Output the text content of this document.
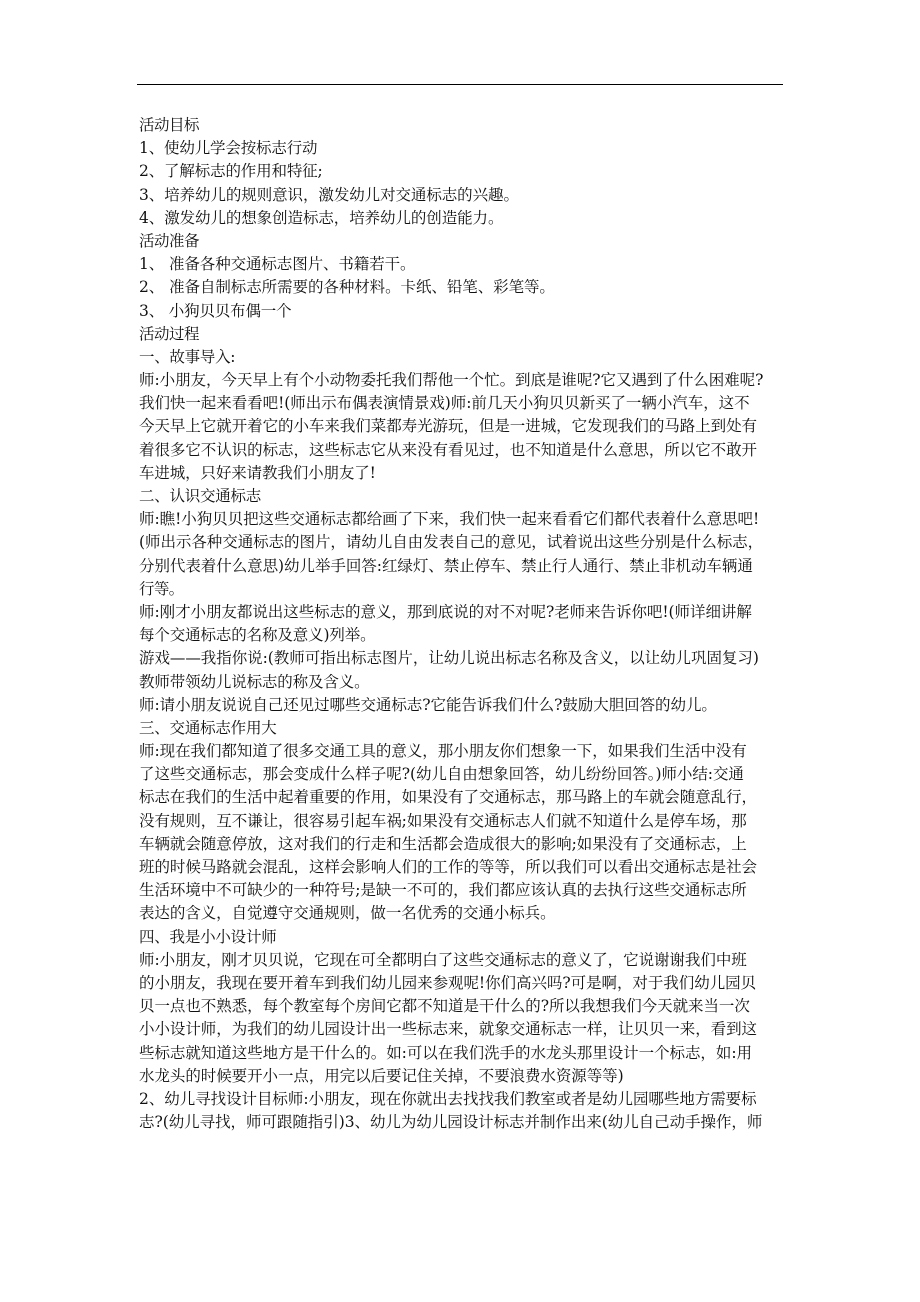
活动目标
1、使幼儿学会按标志行动
2、了解标志的作用和特征;
3、培养幼儿的规则意识，激发幼儿对交通标志的兴趣。
4、激发幼儿的想象创造标志，培养幼儿的创造能力。
活动准备
1、 准备各种交通标志图片、书籍若干。
2、 准备自制标志所需要的各种材料。卡纸、铅笔、彩笔等。
3、 小狗贝贝布偶一个
活动过程
一、故事导入:
师:小朋友，今天早上有个小动物委托我们帮他一个忙。到底是谁呢?它又遇到了什么困难呢?
我们快一起来看看吧!(师出示布偶表演情景戏)师:前几天小狗贝贝新买了一辆小汽车，这不
今天早上它就开着它的小车来我们菜都寿光游玩，但是一进城，它发现我们的马路上到处有
着很多它不认识的标志，这些标志它从来没有看见过，也不知道是什么意思，所以它不敢开
车进城，只好来请教我们小朋友了!
二、认识交通标志
师:瞧!小狗贝贝把这些交通标志都给画了下来，我们快一起来看看它们都代表着什么意思吧!
(师出示各种交通标志的图片，请幼儿自由发表自己的意见，试着说出这些分别是什么标志，
分别代表着什么意思)幼儿举手回答:红绿灯、禁止停车、禁止行人通行、禁止非机动车辆通
行等。
师:刚才小朋友都说出这些标志的意义，那到底说的对不对呢?老师来告诉你吧!(师详细讲解
每个交通标志的名称及意义)列举。
游戏——我指你说:(教师可指出标志图片，让幼儿说出标志名称及含义，以让幼儿巩固复习)
教师带领幼儿说标志的称及含义。
师:请小朋友说说自己还见过哪些交通标志?它能告诉我们什么?鼓励大胆回答的幼儿。
三、交通标志作用大
师:现在我们都知道了很多交通工具的意义，那小朋友你们想象一下，如果我们生活中没有
了这些交通标志，那会变成什么样子呢?(幼儿自由想象回答，幼儿纷纷回答。)师小结:交通
标志在我们的生活中起着重要的作用，如果没有了交通标志，那马路上的车就会随意乱行，
没有规则，互不谦让，很容易引起车祸;如果没有交通标志人们就不知道什么是停车场，那
车辆就会随意停放，这对我们的行走和生活都会造成很大的影响;如果没有了交通标志，上
班的时候马路就会混乱，这样会影响人们的工作的等等，所以我们可以看出交通标志是社会
生活环境中不可缺少的一种符号;是缺一不可的，我们都应该认真的去执行这些交通标志所
表达的含义，自觉遵守交通规则，做一名优秀的交通小标兵。
四、我是小小设计师
师:小朋友，刚才贝贝说，它现在可全都明白了这些交通标志的意义了，它说谢谢我们中班
的小朋友，我现在要开着车到我们幼儿园来参观呢!你们高兴吗?可是啊，对于我们幼儿园贝
贝一点也不熟悉，每个教室每个房间它都不知道是干什么的?所以我想我们今天就来当一次
小小设计师，为我们的幼儿园设计出一些标志来，就象交通标志一样，让贝贝一来，看到这
些标志就知道这些地方是干什么的。如:可以在我们洗手的水龙头那里设计一个标志，如:用
水龙头的时候要开小一点，用完以后要记住关掉，不要浪费水资源等等)
2、幼儿寻找设计目标师:小朋友，现在你就出去找找我们教室或者是幼儿园哪些地方需要标
志?(幼儿寻找，师可跟随指引)3、幼儿为幼儿园设计标志并制作出来(幼儿自己动手操作，师
